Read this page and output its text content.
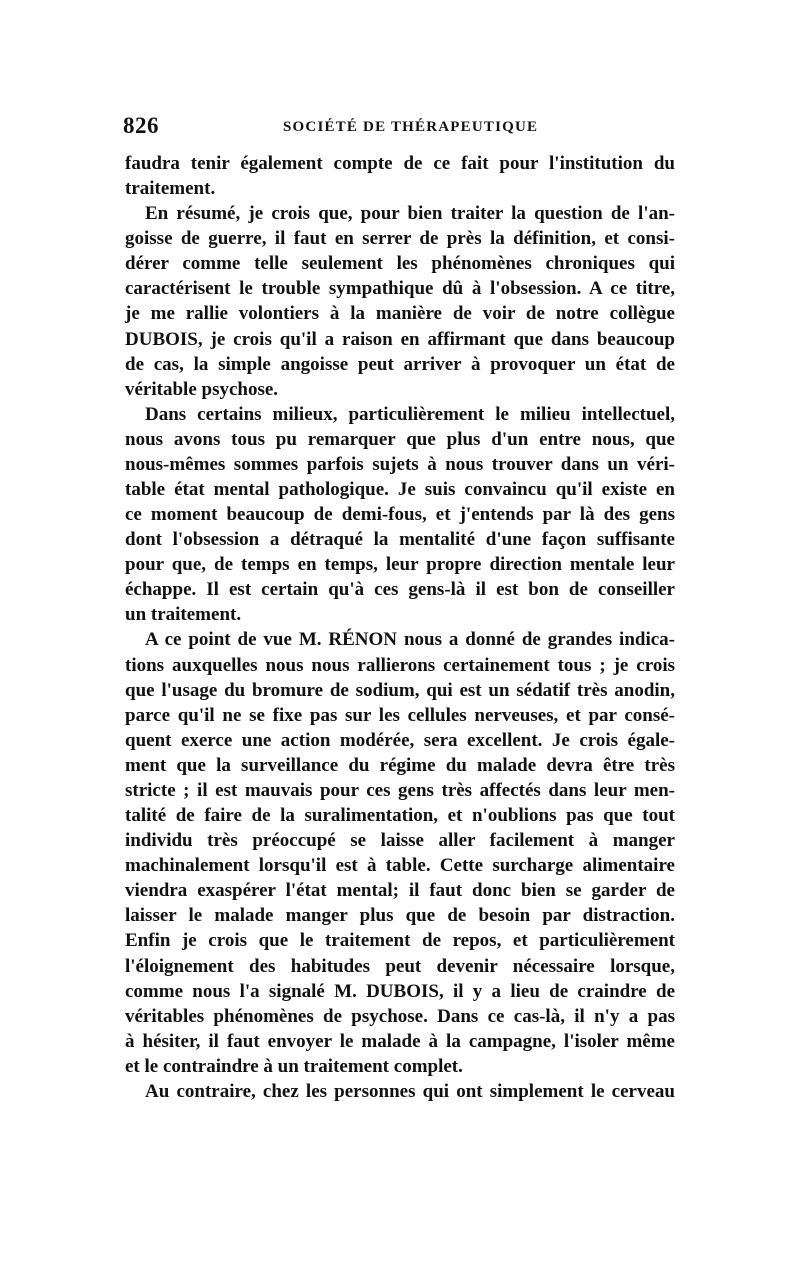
826	SOCIÉTÉ DE THÉRAPEUTIQUE
faudra tenir également compte de ce fait pour l'institution du
traitement.
En résumé, je crois que, pour bien traiter la question de l'an-
goisse de guerre, il faut en serrer de près la définition, et consi-
dérer comme telle seulement les phénomènes chroniques qui
caractérisent le trouble sympathique dû à l'obsession. A ce titre,
je me rallie volontiers à la manière de voir de notre collègue
DUBOIS, je crois qu'il a raison en affirmant que dans beaucoup
de cas, la simple angoisse peut arriver à provoquer un état de
véritable psychose.
Dans certains milieux, particulièrement le milieu intellectuel,
nous avons tous pu remarquer que plus d'un entre nous, que
nous-mêmes sommes parfois sujets à nous trouver dans un véri-
table état mental pathologique. Je suis convaincu qu'il existe en
ce moment beaucoup de demi-fous, et j'entends par là des gens
dont l'obsession a détraqué la mentalité d'une façon suffisante
pour que, de temps en temps, leur propre direction mentale leur
échappe. Il est certain qu'à ces gens-là il est bon de conseiller
un traitement.
A ce point de vue M. RÉNON nous a donné de grandes indica-
tions auxquelles nous nous rallierons certainement tous ; je crois
que l'usage du bromure de sodium, qui est un sédatif très anodin,
parce qu'il ne se fixe pas sur les cellules nerveuses, et par consé-
quent exerce une action modérée, sera excellent. Je crois égale-
ment que la surveillance du régime du malade devra être très
stricte ; il est mauvais pour ces gens très affectés dans leur men-
talité de faire de la suralimentation, et n'oublions pas que tout
individu très préoccupé se laisse aller facilement à manger
machinalement lorsqu'il est à table. Cette surcharge alimentaire
viendra exaspérer l'état mental; il faut donc bien se garder de
laisser le malade manger plus que de besoin par distraction.
Enfin je crois que le traitement de repos, et particulièrement
l'éloignement des habitudes peut devenir nécessaire lorsque,
comme nous l'a signalé M. DUBOIS, il y a lieu de craindre de
véritables phénomènes de psychose. Dans ce cas-là, il n'y a pas
à hésiter, il faut envoyer le malade à la campagne, l'isoler même
et le contraindre à un traitement complet.
Au contraire, chez les personnes qui ont simplement le cerveau
